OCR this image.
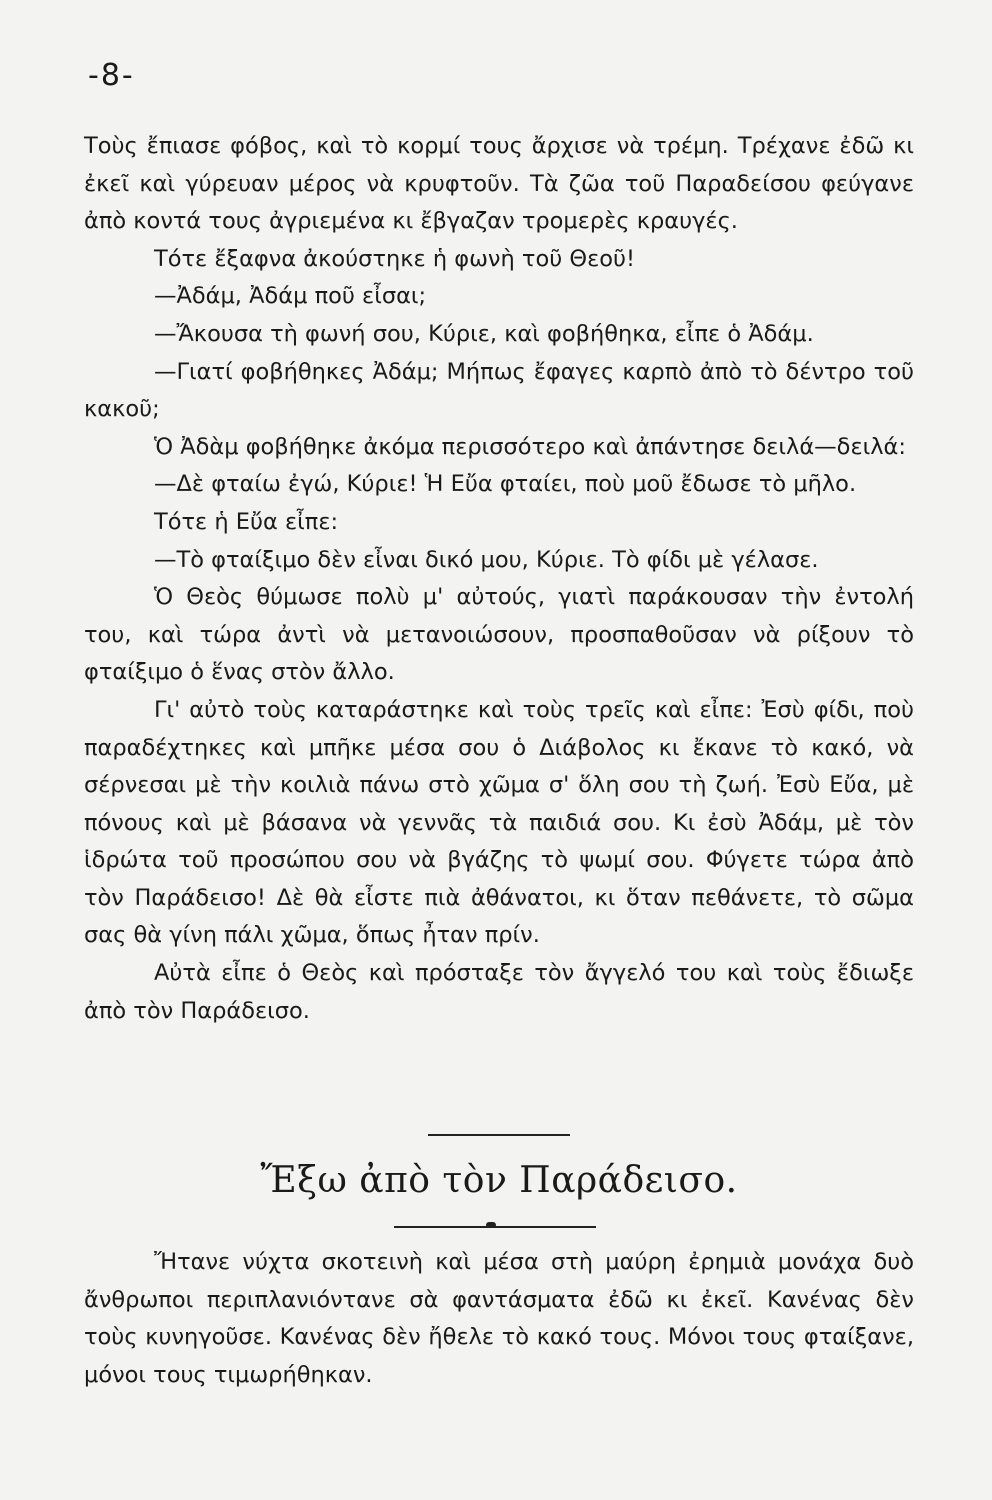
-8-

Τοὺς ἔπιασε φόβος, καὶ τὸ κορμί τους ἄρχισε νὰ τρέμη. Τρέχανε ἐδῶ κι ἐκεῖ καὶ γύρευαν μέρος νὰ κρυφτοῦν. Τὰ ζῶα τοῦ Παραδείσου φεύγανε ἀπὸ κοντά τους ἀγριεμένα κι ἔβγαζαν τρομερὲς κραυγές.

Τότε ἔξαφνα ἀκούστηκε ἡ φωνὴ τοῦ Θεοῦ!

—Ἀδάμ, Ἀδάμ ποῦ εἶσαι;

—Ἄκουσα τὴ φωνή σου, Κύριε, καὶ φοβήθηκα, εἶπε ὁ Ἀδάμ.

—Γιατί φοβήθηκες Ἀδάμ; Μήπως ἔφαγες καρπὸ ἀπὸ τὸ δέντρο τοῦ κακοῦ;

Ὁ Ἀδὰμ φοβήθηκε ἀκόμα περισσότερο καὶ ἀπάντησε δειλά—δειλά:

—Δὲ φταίω ἐγώ, Κύριε! Ἡ Εὔα φταίει, ποὺ μοῦ ἔδωσε τὸ μῆλο.

Τότε ἡ Εὔα εἶπε:

—Τὸ φταίξιμο δὲν εἶναι δικό μου, Κύριε. Τὸ φίδι μὲ γέλασε.

Ὁ Θεὸς θύμωσε πολὺ μ' αὐτούς, γιατὶ παράκουσαν τὴν ἐντολή του, καὶ τώρα ἀντὶ νὰ μετανοιώσουν, προσπαθοῦσαν νὰ ρίξουν τὸ φταίξιμο ὁ ἕνας στὸν ἄλλο.

Γι' αὐτὸ τοὺς καταράστηκε καὶ τοὺς τρεῖς καὶ εἶπε: Ἐσὺ φίδι, ποὺ παραδέχτηκες καὶ μπῆκε μέσα σου ὁ Διάβολος κι ἔκανε τὸ κακό, νὰ σέρνεσαι μὲ τὴν κοιλιὰ πάνω στὸ χῶμα σ' ὅλη σου τὴ ζωή. Ἐσὺ Εὔα, μὲ πόνους καὶ μὲ βάσανα νὰ γεννᾶς τὰ παιδιά σου. Κι ἐσὺ Ἀδάμ, μὲ τὸν ἱδρώτα τοῦ προσώπου σου νὰ βγάζης τὸ ψωμί σου. Φύγετε τώρα ἀπὸ τὸν Παράδεισο! Δὲ θὰ εἶστε πιὰ ἀθάνατοι, κι ὅταν πεθάνετε, τὸ σῶμα σας θὰ γίνη πάλι χῶμα, ὅπως ἦταν πρίν.

Αὐτὰ εἶπε ὁ Θεὸς καὶ πρόσταξε τὸν ἄγγελό του καὶ τοὺς ἔδιωξε ἀπὸ τὸν Παράδεισο.

Ἔξω ἀπὸ τὸν Παράδεισο.

Ἤτανε νύχτα σκοτεινὴ καὶ μέσα στὴ μαύρη ἐρημιὰ μονάχα δυὸ ἄνθρωποι περιπλανιόντανε σὰ φαντάσματα ἐδῶ κι ἐκεῖ. Κανένας δὲν τοὺς κυνηγοῦσε. Κανένας δὲν ἤθελε τὸ κακό τους. Μόνοι τους φταίξανε, μόνοι τους τιμωρήθηκαν.
